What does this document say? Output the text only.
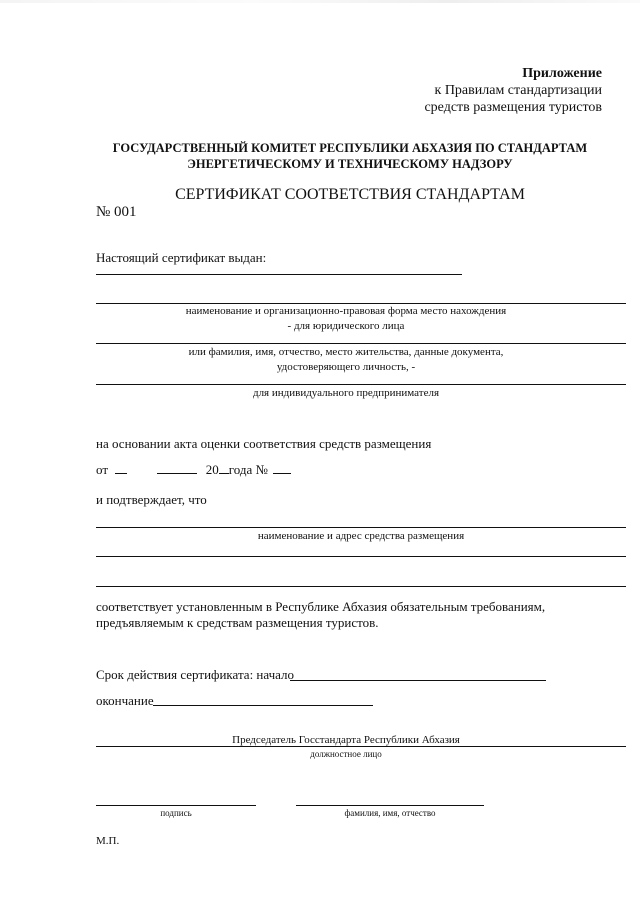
Приложение
к Правилам стандартизации
средств размещения туристов
ГОСУДАРСТВЕННЫЙ КОМИТЕТ РЕСПУБЛИКИ АБХАЗИЯ ПО СТАНДАРТАМ
ЭНЕРГЕТИЧЕСКОМУ И ТЕХНИЧЕСКОМУ НАДЗОРУ
СЕРТИФИКАТ СООТВЕТСТВИЯ СТАНДАРТАМ
№ 001
Настоящий сертификат выдан:
наименование и организационно-правовая форма место нахождения
- для юридического лица
или фамилия, имя, отчество, место жительства, данные документа,
удостоверяющего личность, -
для индивидуального предпринимателя
на основании акта оценки соответствия средств размещения
от	20 года №
и подтверждает, что
наименование и адрес средства размещения
соответствует установленным в Республике Абхазия обязательным требованиям,
предъявляемым к средствам размещения туристов.
Срок действия сертификата: начало
окончание
Председатель Госстандарта Республики Абхазия
должностное лицо
подпись	фамилия, имя, отчество
М.П.
